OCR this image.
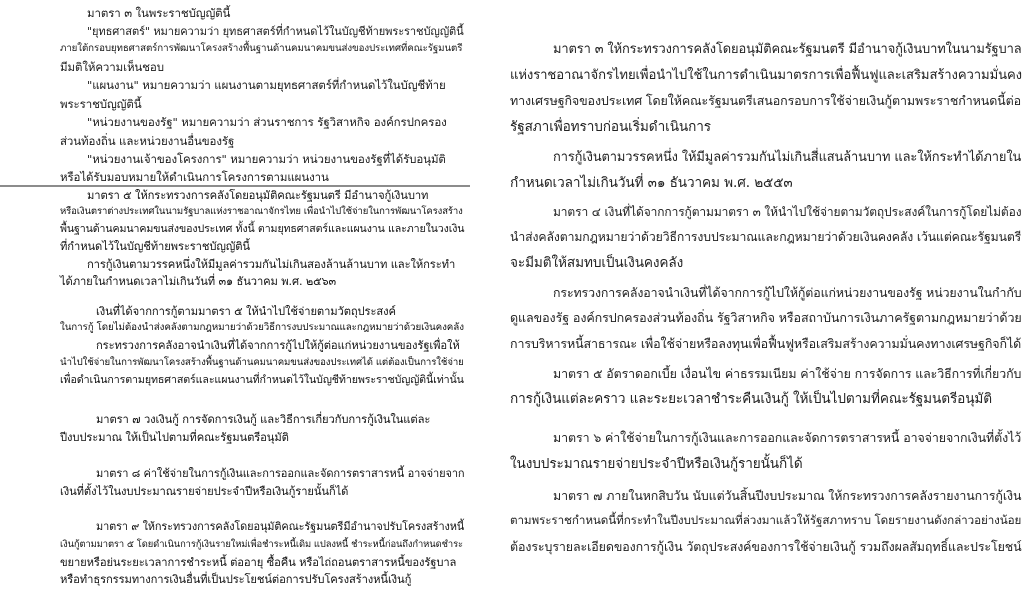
มาตรา ๓ ในพระราชบัญญัตินี้
"ยุทธศาสตร์" หมายความว่า ยุทธศาสตร์ที่กำหนดไว้ในบัญชีท้ายพระราชบัญญัตินี้
ภายใต้กรอบยุทธศาสตร์การพัฒนาโครงสร้างพื้นฐานด้านคมนาคมขนส่งของประเทศที่คณะรัฐมนตรี
มีมติให้ความเห็นชอบ
"แผนงาน" หมายความว่า แผนงานตามยุทธศาสตร์ที่กำหนดไว้ในบัญชีท้าย
พระราชบัญญัตินี้
"หน่วยงานของรัฐ" หมายความว่า ส่วนราชการ รัฐวิสาหกิจ องค์กรปกครอง
ส่วนท้องถิ่น และหน่วยงานอื่นของรัฐ
"หน่วยงานเจ้าของโครงการ" หมายความว่า หน่วยงานของรัฐที่ได้รับอนุมัติ
หรือได้รับมอบหมายให้ดำเนินการโครงการตามแผนงาน
มาตรา ๕ ให้กระทรวงการคลังโดยอนุมัติคณะรัฐมนตรี มีอำนาจกู้เงินบาท
หรือเงินตราต่างประเทศในนามรัฐบาลแห่งราชอาณาจักรไทย เพื่อนำไปใช้จ่ายในการพัฒนาโครงสร้าง
พื้นฐานด้านคมนาคมขนส่งของประเทศ ทั้งนี้ ตามยุทธศาสตร์และแผนงาน และภายในวงเงิน
ที่กำหนดไว้ในบัญชีท้ายพระราชบัญญัตินี้
การกู้เงินตามวรรคหนึ่งให้มีมูลค่ารวมกันไม่เกินสองล้านล้านบาท และให้กระทำ
ได้ภายในกำหนดเวลาไม่เกินวันที่ ๓๑ ธันวาคม พ.ศ. ๒๕๖๓
เงินที่ได้จากการกู้ตามมาตรา ๕ ให้นำไปใช้จ่ายตามวัตถุประสงค์
ในการกู้ โดยไม่ต้องนำส่งคลังตามกฎหมายว่าด้วยวิธีการงบประมาณและกฎหมายว่าด้วยเงินคงคลัง
กระทรวงการคลังอาจนำเงินที่ได้จากการกู้ไปให้กู้ต่อแก่หน่วยงานของรัฐเพื่อให้
นำไปใช้จ่ายในการพัฒนาโครงสร้างพื้นฐานด้านคมนาคมขนส่งของประเทศได้ แต่ต้องเป็นการใช้จ่าย
เพื่อดำเนินการตามยุทธศาสตร์และแผนงานที่กำหนดไว้ในบัญชีท้ายพระราชบัญญัตินี้เท่านั้น
มาตรา ๗ วงเงินกู้ การจัดการเงินกู้ และวิธีการเกี่ยวกับการกู้เงินในแต่ละ
ปีงบประมาณ ให้เป็นไปตามที่คณะรัฐมนตรีอนุมัติ
มาตรา ๘ ค่าใช้จ่ายในการกู้เงินและการออกและจัดการตราสารหนี้ อาจจ่ายจาก
เงินที่ตั้งไว้ในงบประมาณรายจ่ายประจำปีหรือเงินกู้รายนั้นก็ได้
มาตรา ๙ ให้กระทรวงการคลังโดยอนุมัติคณะรัฐมนตรีมีอำนาจปรับโครงสร้างหนี้
เงินกู้ตามมาตรา ๕ โดยดำเนินการกู้เงินรายใหม่เพื่อชำระหนี้เดิม แปลงหนี้ ชำระหนี้ก่อนถึงกำหนดชำระ
ขยายหรือย่นระยะเวลาการชำระหนี้ ต่ออายุ ซื้อคืน หรือไถ่ถอนตราสารหนี้ของรัฐบาล
หรือทำธุรกรรมทางการเงินอื่นที่เป็นประโยชน์ต่อการปรับโครงสร้างหนี้เงินกู้
มาตรา ๓ ให้กระทรวงการคลังโดยอนุมัติคณะรัฐมนตรี มีอำนาจกู้เงินบาทในนามรัฐบาล
แห่งราชอาณาจักรไทยเพื่อนำไปใช้ในการดำเนินมาตรการเพื่อฟื้นฟูและเสริมสร้างความมั่นคง
ทางเศรษฐกิจของประเทศ โดยให้คณะรัฐมนตรีเสนอกรอบการใช้จ่ายเงินกู้ตามพระราชกำหนดนี้ต่อ
รัฐสภาเพื่อทราบก่อนเริ่มดำเนินการ
การกู้เงินตามวรรคหนึ่ง ให้มีมูลค่ารวมกันไม่เกินสี่แสนล้านบาท และให้กระทำได้ภายใน
กำหนดเวลาไม่เกินวันที่ ๓๑ ธันวาคม พ.ศ. ๒๕๕๓
มาตรา ๔ เงินที่ได้จากการกู้ตามมาตรา ๓ ให้นำไปใช้จ่ายตามวัตถุประสงค์ในการกู้โดยไม่ต้อง
นำส่งคลังตามกฎหมายว่าด้วยวิธีการงบประมาณและกฎหมายว่าด้วยเงินคงคลัง เว้นแต่คณะรัฐมนตรี
จะมีมติให้สมทบเป็นเงินคงคลัง
กระทรวงการคลังอาจนำเงินที่ได้จากการกู้ไปให้กู้ต่อแก่หน่วยงานของรัฐ หน่วยงานในกำกับ
ดูแลของรัฐ องค์กรปกครองส่วนท้องถิ่น รัฐวิสาหกิจ หรือสถาบันการเงินภาครัฐตามกฎหมายว่าด้วย
การบริหารหนี้สาธารณะ เพื่อใช้จ่ายหรือลงทุนเพื่อฟื้นฟูหรือเสริมสร้างความมั่นคงทางเศรษฐกิจก็ได้
มาตรา ๕ อัตราดอกเบี้ย เงื่อนไข ค่าธรรมเนียม ค่าใช้จ่าย การจัดการ และวิธีการที่เกี่ยวกับ
การกู้เงินแต่ละคราว และระยะเวลาชำระคืนเงินกู้ ให้เป็นไปตามที่คณะรัฐมนตรีอนุมัติ
มาตรา ๖ ค่าใช้จ่ายในการกู้เงินและการออกและจัดการตราสารหนี้ อาจจ่ายจากเงินที่ตั้งไว้
ในงบประมาณรายจ่ายประจำปีหรือเงินกู้รายนั้นก็ได้
มาตรา ๗ ภายในหกสิบวัน นับแต่วันสิ้นปีงบประมาณ ให้กระทรวงการคลังรายงานการกู้เงิน
ตามพระราชกำหนดนี้ที่กระทำในปีงบประมาณที่ล่วงมาแล้วให้รัฐสภาทราบ โดยรายงานดังกล่าวอย่างน้อย
ต้องระบุรายละเอียดของการกู้เงิน วัตถุประสงค์ของการใช้จ่ายเงินกู้ รวมถึงผลสัมฤทธิ์และประโยชน์
